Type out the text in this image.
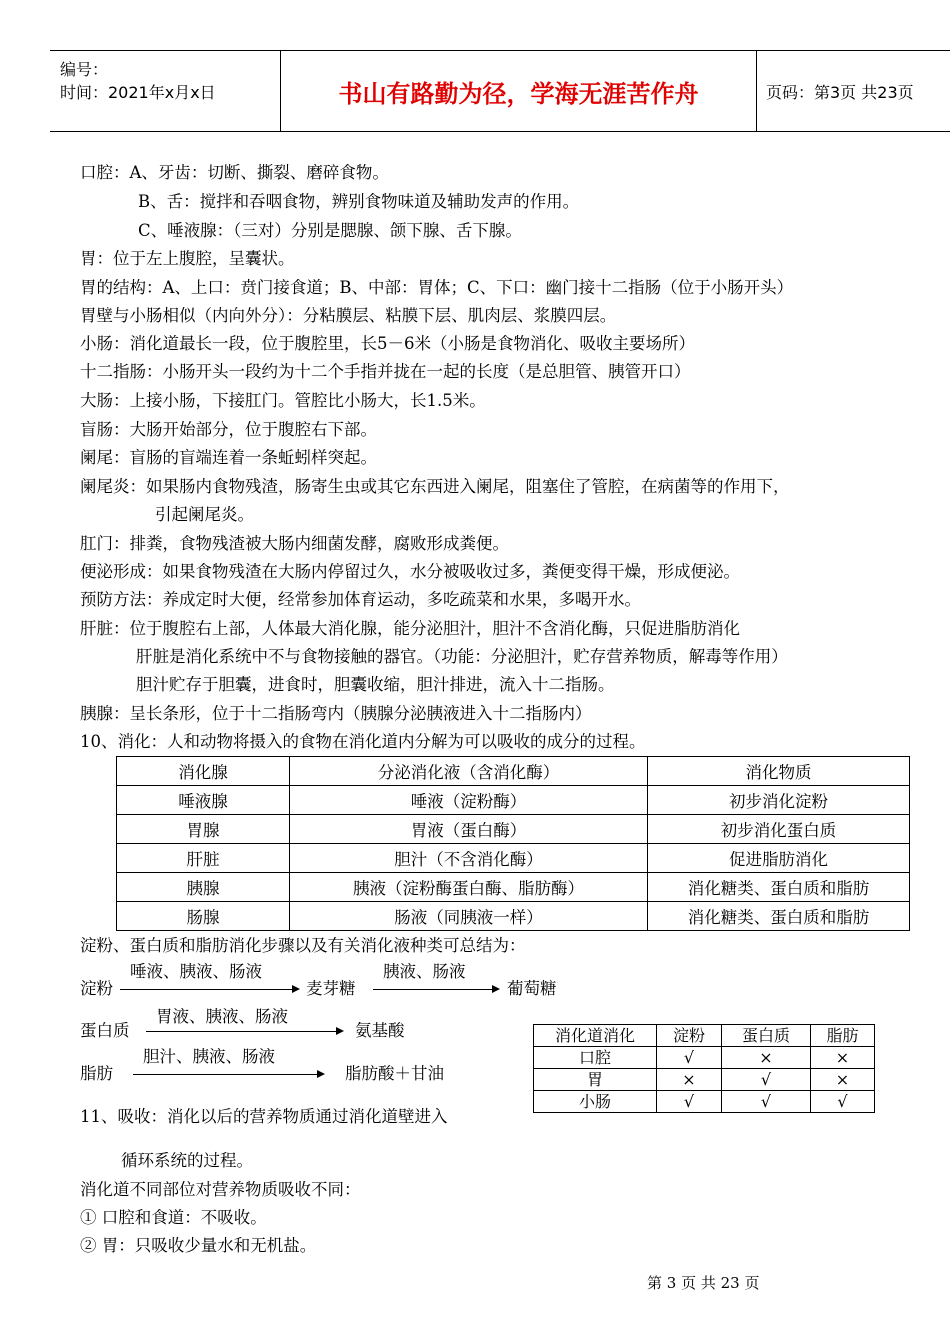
编号：
时间：2021年x月x日	书山有路勤为径，学海无涯苦作舟	页码：第3页 共23页
口腔：A、牙齿：切断、撕裂、磨碎食物。
B、舌：搅拌和吞咽食物，辨别食物味道及辅助发声的作用。
C、唾液腺：（三对）分别是腮腺、颌下腺、舌下腺。
胃：位于左上腹腔，呈囊状。
胃的结构：A、上口：贲门接食道；B、中部：胃体；C、下口：幽门接十二指肠（位于小肠开头）
胃壁与小肠相似（内向外分）：分粘膜层、粘膜下层、肌肉层、浆膜四层。
小肠：消化道最长一段，位于腹腔里，长5－6米（小肠是食物消化、吸收主要场所）
十二指肠：小肠开头一段约为十二个手指并拢在一起的长度（是总胆管、胰管开口）
大肠：上接小肠，下接肛门。管腔比小肠大，长1.5米。
盲肠：大肠开始部分，位于腹腔右下部。
阑尾：盲肠的盲端连着一条蚯蚓样突起。
阑尾炎：如果肠内食物残渣，肠寄生虫或其它东西进入阑尾，阻塞住了管腔，在病菌等的作用下，
引起阑尾炎。
肛门：排粪，食物残渣被大肠内细菌发酵，腐败形成粪便。
便泌形成：如果食物残渣在大肠内停留过久，水分被吸收过多，粪便变得干燥，形成便泌。
预防方法：养成定时大便，经常参加体育运动，多吃疏菜和水果，多喝开水。
肝脏：位于腹腔右上部，人体最大消化腺，能分泌胆汁，胆汁不含消化酶，只促进脂肪消化
肝脏是消化系统中不与食物接触的器官。（功能：分泌胆汁，贮存营养物质，解毒等作用）
胆汁贮存于胆囊，进食时，胆囊收缩，胆汁排进，流入十二指肠。
胰腺：呈长条形，位于十二指肠弯内（胰腺分泌胰液进入十二指肠内）
10、消化：人和动物将摄入的食物在消化道内分解为可以吸收的成分的过程。
消化腺	分泌消化液（含消化酶）	消化物质
唾液腺	唾液（淀粉酶）	初步消化淀粉
胃腺	胃液（蛋白酶）	初步消化蛋白质
肝脏	胆汁（不含消化酶）	促进脂肪消化
胰腺	胰液（淀粉酶蛋白酶、脂肪酶）	消化糖类、蛋白质和脂肪
肠腺	肠液（同胰液一样）	消化糖类、蛋白质和脂肪
淀粉、蛋白质和脂肪消化步骤以及有关消化液种类可总结为：
淀粉
唾液、胰液、肠液
麦芽糖
胰液、肠液
葡萄糖
蛋白质
胃液、胰液、肠液
氨基酸
脂肪
胆汁、胰液、肠液
脂肪酸＋甘油
消化道消化	淀粉	蛋白质	脂肪
口腔	√	×	×
胃	×	√	×
小肠	√	√	√
11、吸收：消化以后的营养物质通过消化道壁进入
循环系统的过程。
消化道不同部位对营养物质吸收不同：
① 口腔和食道：不吸收。
② 胃：只吸收少量水和无机盐。
第 3 页 共 23 页
